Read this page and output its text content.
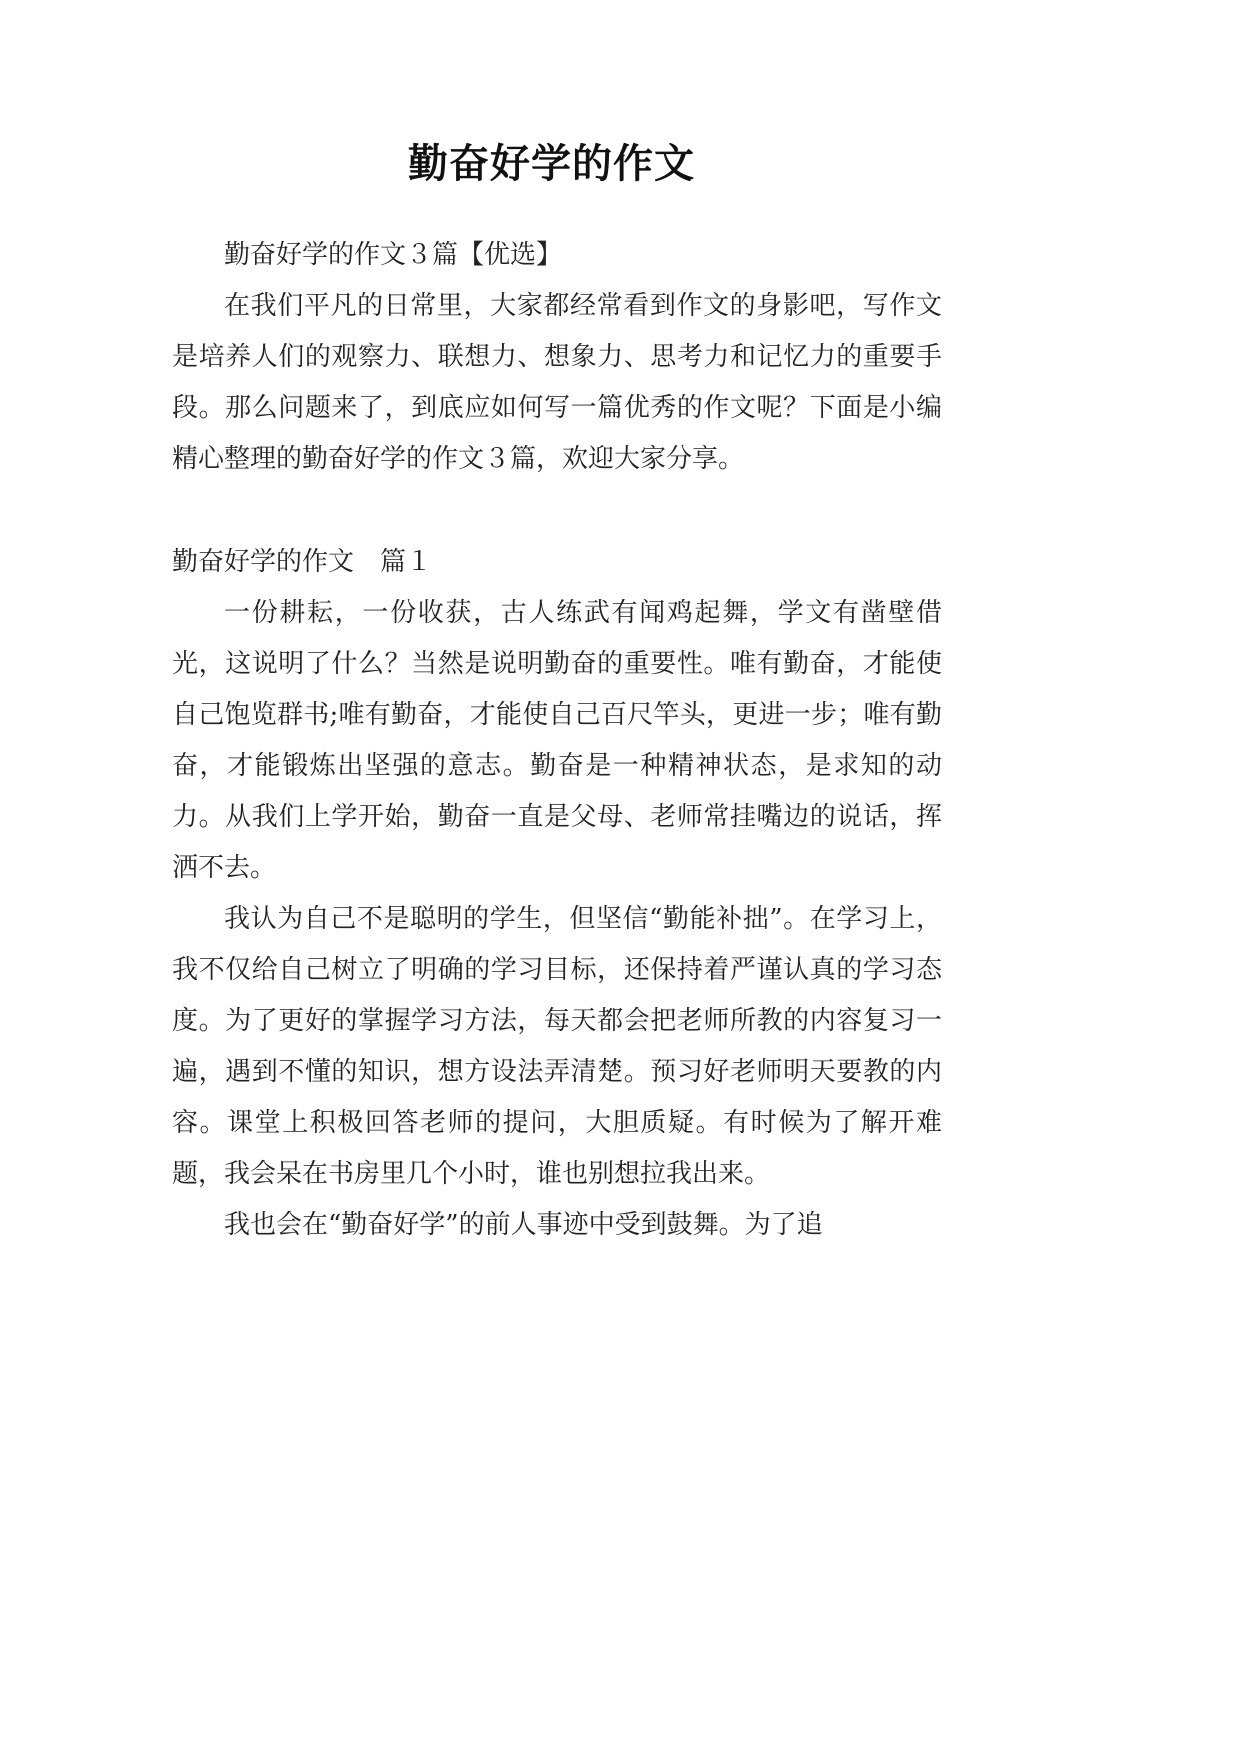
勤奋好学的作文

勤奋好学的作文３篇【优选】

在我们平凡的日常里，大家都经常看到作文的身影吧，写作文是培养人们的观察力、联想力、想象力、思考力和记忆力的重要手段。那么问题来了，到底应如何写一篇优秀的作文呢？下面是小编精心整理的勤奋好学的作文３篇，欢迎大家分享。

勤奋好学的作文　篇１

一份耕耘，一份收获，古人练武有闻鸡起舞，学文有凿壁借光，这说明了什么？当然是说明勤奋的重要性。唯有勤奋，才能使自己饱览群书;唯有勤奋，才能使自己百尺竿头，更进一步；唯有勤奋，才能锻炼出坚强的意志。勤奋是一种精神状态，是求知的动力。从我们上学开始，勤奋一直是父母、老师常挂嘴边的说话，挥洒不去。

我认为自己不是聪明的学生，但坚信“勤能补拙”。在学习上，我不仅给自己树立了明确的学习目标，还保持着严谨认真的学习态度。为了更好的掌握学习方法，每天都会把老师所教的内容复习一遍，遇到不懂的知识，想方设法弄清楚。预习好老师明天要教的内容。课堂上积极回答老师的提问，大胆质疑。有时候为了解开难题，我会呆在书房里几个小时，谁也别想拉我出来。

我也会在“勤奋好学”的前人事迹中受到鼓舞。为了追
